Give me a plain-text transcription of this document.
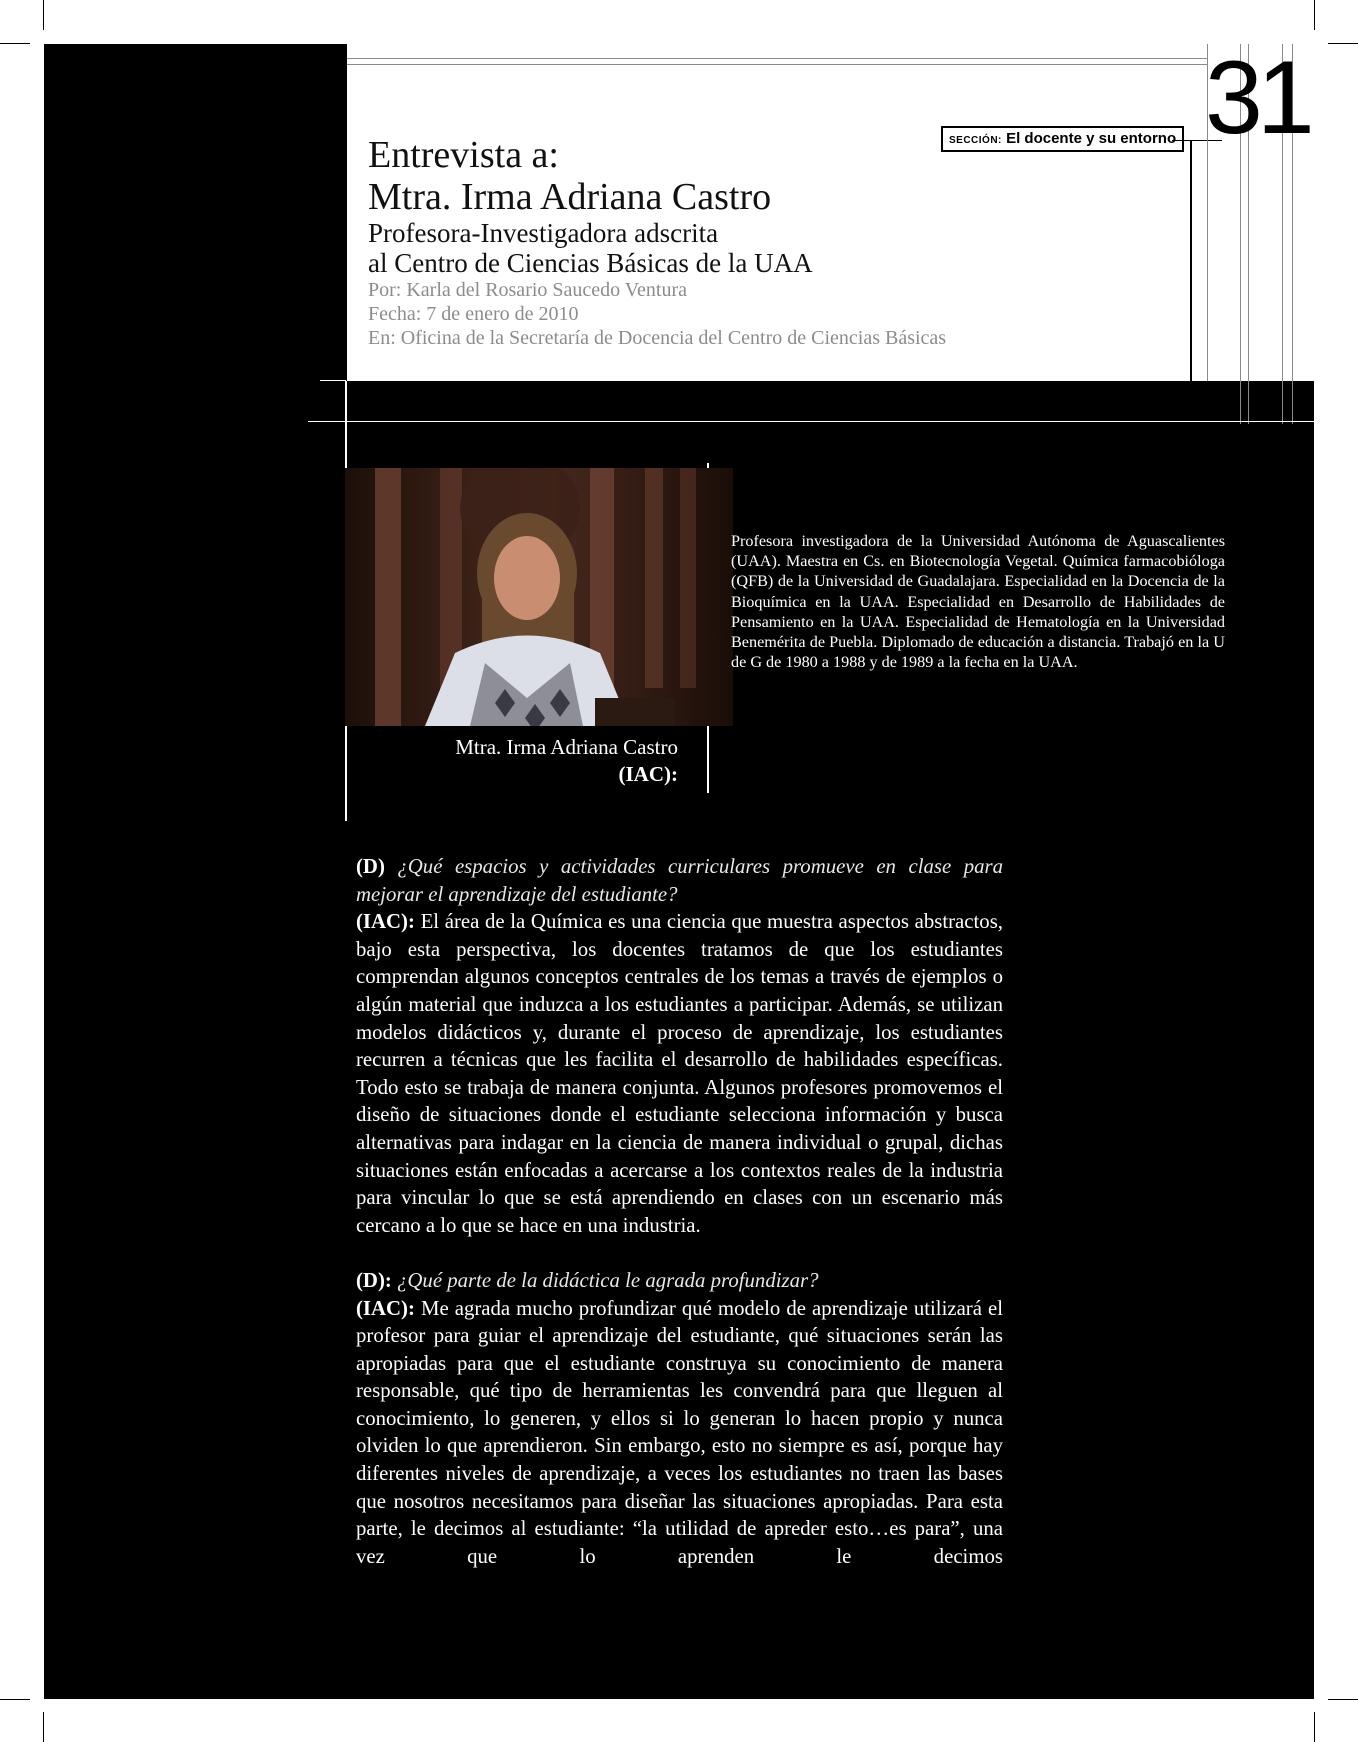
Entrevista a:
Mtra. Irma Adriana Castro
Profesora-Investigadora adscrita
al Centro de Ciencias Básicas de la UAA
Por: Karla del Rosario Saucedo Ventura
Fecha: 7 de enero de 2010
En: Oficina de la Secretaría de Docencia del Centro de Ciencias Básicas
SECCIÓN: El docente y su entorno 31
Mtra. Irma Adriana Castro
(IAC):
Profesora investigadora de la Universidad Autónoma de Aguascalientes (UAA). Maestra en Cs. en Biotecnología Vegetal. Química farmacobióloga (QFB) de la Universidad de Guadalajara. Especialidad en la Docencia de la Bioquímica en la UAA. Especialidad en Desarrollo de Habilidades de Pensamiento en la UAA. Especialidad de Hematología en la Universidad Benemérita de Puebla. Diplomado de educación a distancia. Trabajó en la U de G de 1980 a 1988 y de 1989 a la fecha en la UAA.

(D) ¿Qué espacios y actividades curriculares promueve en clase para mejorar el aprendizaje del estudiante?

(IAC): El área de la Química es una ciencia que muestra aspectos abstractos, bajo esta perspectiva, los docentes tratamos de que los estudiantes comprendan algunos conceptos centrales de los temas a través de ejemplos o algún material que induzca a los estudiantes a participar. Además, se utilizan modelos didácticos y, durante el proceso de aprendizaje, los estudiantes recurren a técnicas que les facilita el desarrollo de habilidades específicas. Todo esto se trabaja de manera conjunta. Algunos profesores promovemos el diseño de situaciones donde el estudiante selecciona información y busca alternativas para indagar en la ciencia de manera individual o grupal, dichas situaciones están enfocadas a acercarse a los contextos reales de la industria para vincular lo que se está aprendiendo en clases con un escenario más cercano a lo que se hace en una industria.

(D): ¿Qué parte de la didáctica le agrada profundizar?

(IAC): Me agrada mucho profundizar qué modelo de aprendizaje utilizará el profesor para guiar el aprendizaje del estudiante, qué situaciones serán las apropiadas para que el estudiante construya su conocimiento de manera responsable, qué tipo de herramientas les convendrá para que lleguen al conocimiento, lo generen, y ellos si lo generan lo hacen propio y nunca olviden lo que aprendieron. Sin embargo, esto no siempre es así, porque hay diferentes niveles de aprendizaje, a veces los estudiantes no traen las bases que nosotros necesitamos para diseñar las situaciones apropiadas. Para esta parte, le decimos al estudiante: “la utilidad de apreder esto…es para”, una vez que lo aprenden le decimos
